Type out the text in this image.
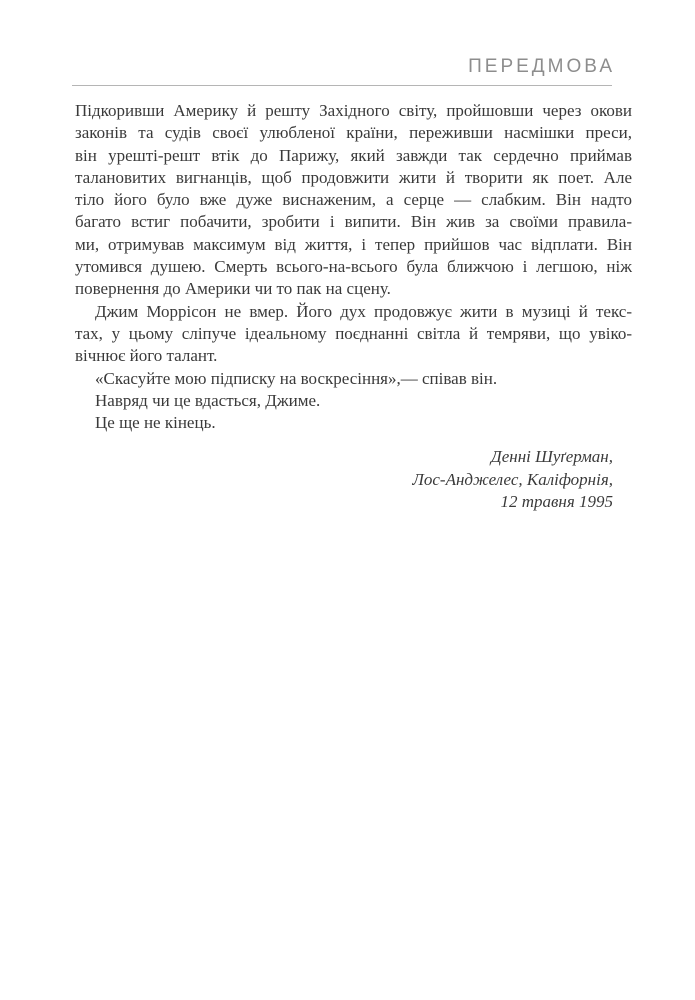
ПЕРЕДМОВА
Підкоривши Америку й решту Західного світу, пройшовши через окови
законів та судів своєї улюбленої країни, переживши насмішки преси,
він урешті-решт втік до Парижу, який завжди так сердечно приймав
талановитих вигнанців, щоб продовжити жити й творити як поет. Але
тіло його було вже дуже виснаженим, а серце — слабким. Він надто
багато встиг побачити, зробити і випити. Він жив за своїми правила-
ми, отримував максимум від життя, і тепер прийшов час відплати. Він
утомився душею. Смерть всього-на-всього була ближчою і легшою, ніж
повернення до Америки чи то пак на сцену.
Джим Моррісон не вмер. Його дух продовжує жити в музиці й текс-
тах, у цьому сліпуче ідеальному поєднанні світла й темряви, що увіко-
вічнює його талант.
«Скасуйте мою підписку на воскресіння»,— співав він.
Навряд чи це вдасться, Джиме.
Це ще не кінець.
Денні Шуґерман,
Лос-Анджелес, Каліфорнія,
12 травня 1995
